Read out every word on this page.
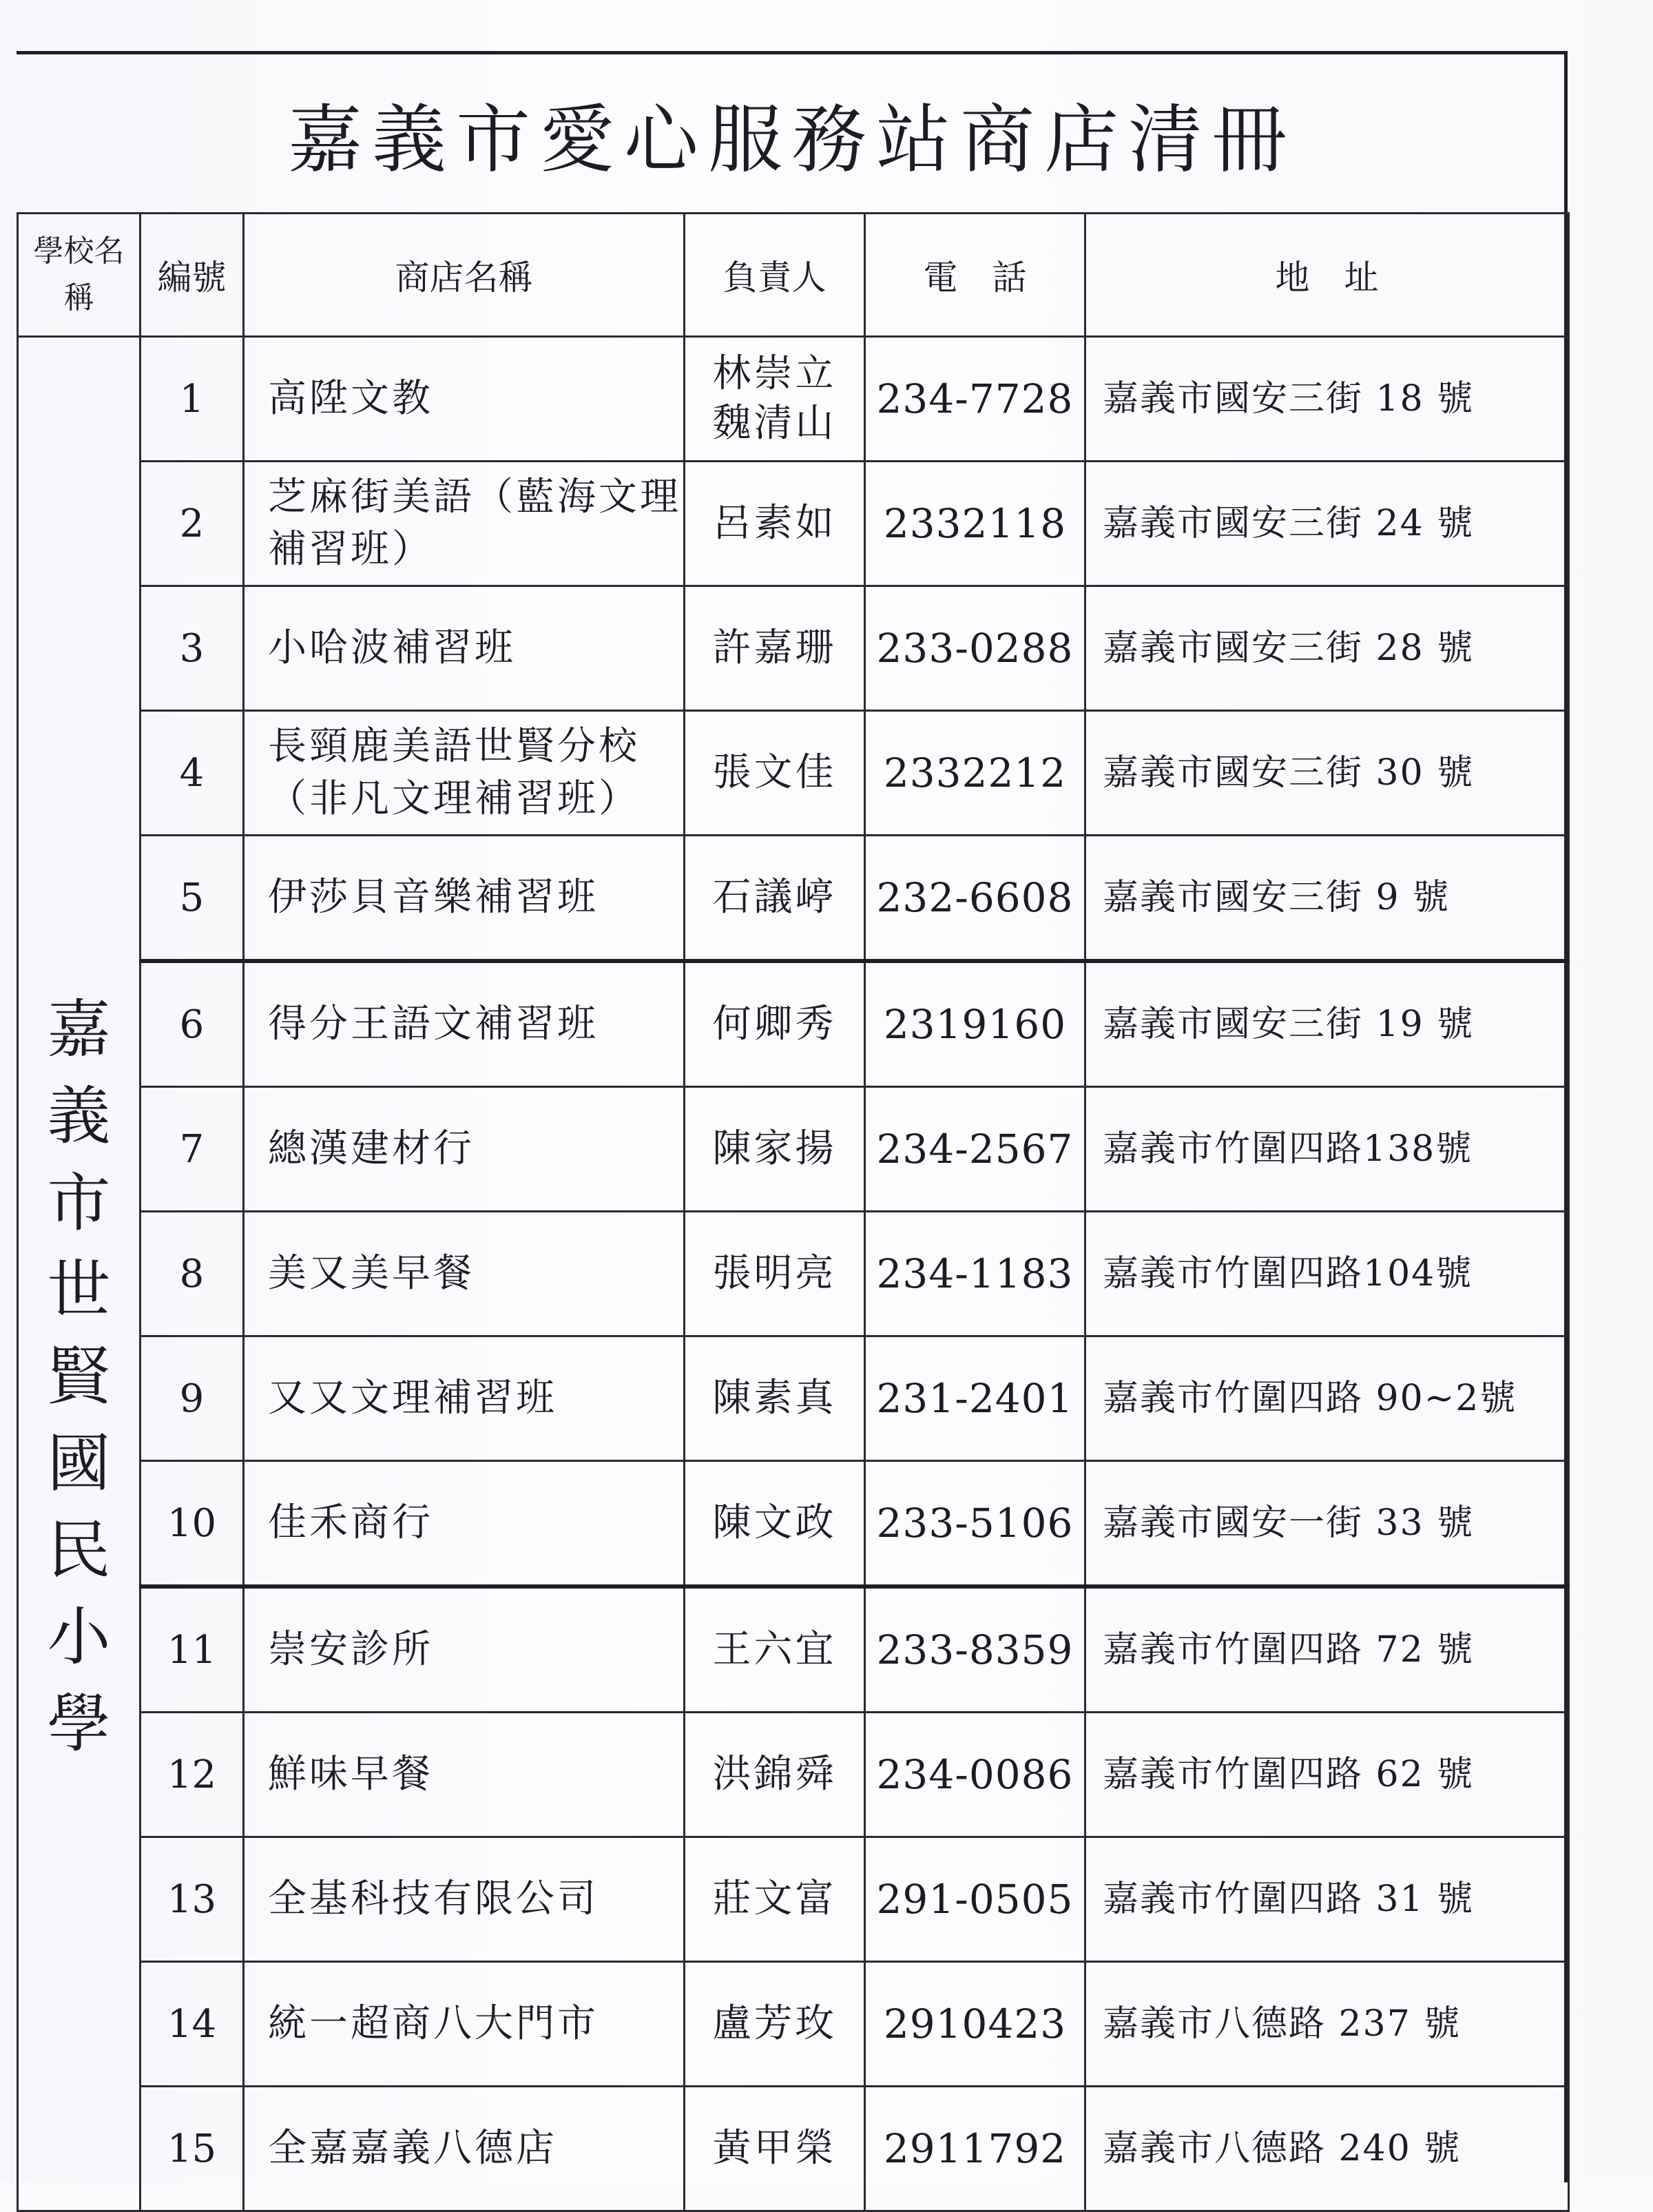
嘉義市愛心服務站商店清冊
學校名稱	編號	商店名稱	負責人	電　話	地　址
嘉義市世賢國民小學	1	高陞文教	林崇立 魏清山	234-7728	嘉義市國安三街 18 號
	2	芝麻街美語（藍海文理補習班）	呂素如	2332118	嘉義市國安三街 24 號
	3	小哈波補習班	許嘉珊	233-0288	嘉義市國安三街 28 號
	4	長頸鹿美語世賢分校（非凡文理補習班）	張文佳	2332212	嘉義市國安三街 30 號
	5	伊莎貝音樂補習班	石議嵉	232-6608	嘉義市國安三街 9 號
	6	得分王語文補習班	何卿秀	2319160	嘉義市國安三街 19 號
	7	總漢建材行	陳家揚	234-2567	嘉義市竹圍四路138號
	8	美又美早餐	張明亮	234-1183	嘉義市竹圍四路104號
	9	又又文理補習班	陳素真	231-2401	嘉義市竹圍四路 90~2號
	10	佳禾商行	陳文政	233-5106	嘉義市國安一街 33 號
	11	崇安診所	王六宜	233-8359	嘉義市竹圍四路 72 號
	12	鮮味早餐	洪錦舜	234-0086	嘉義市竹圍四路 62 號
	13	全基科技有限公司	莊文富	291-0505	嘉義市竹圍四路 31 號
	14	統一超商八大門市	盧芳玫	2910423	嘉義市八德路 237 號
	15	全嘉嘉義八德店	黃甲榮	2911792	嘉義市八德路 240 號
